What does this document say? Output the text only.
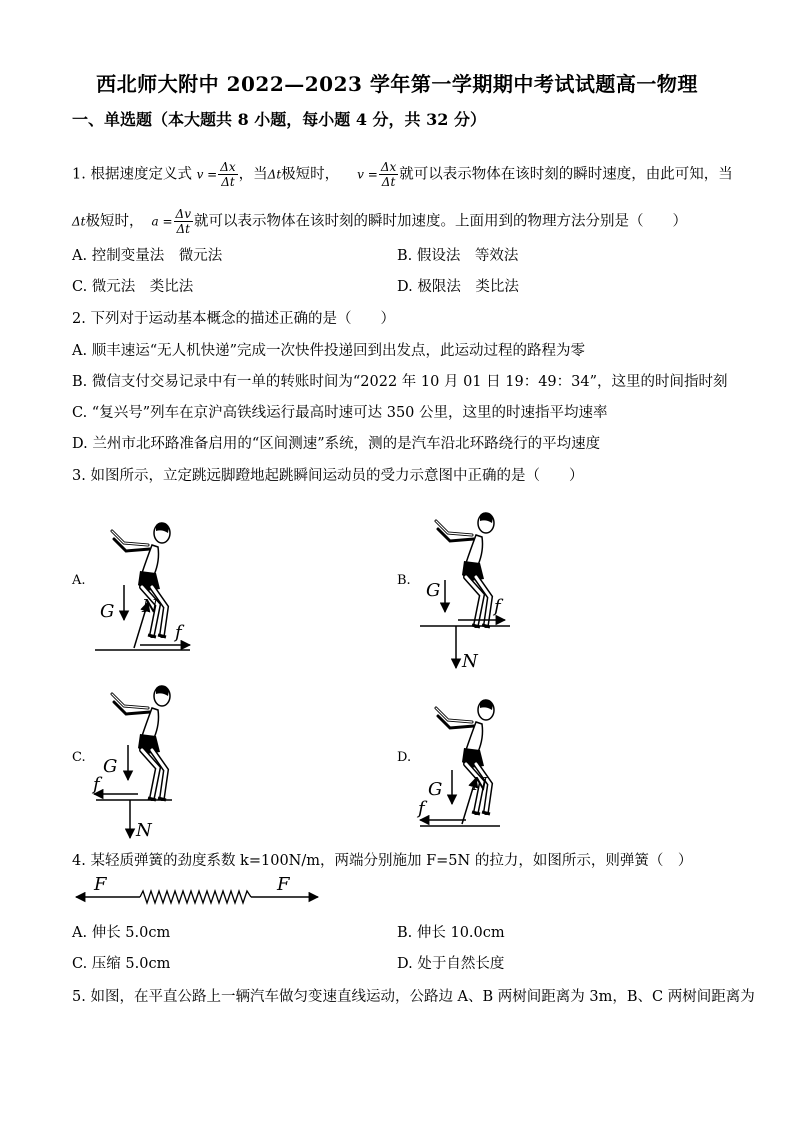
西北师大附中 2022—2023 学年第一学期期中考试试题高一物理
一、单选题（本大题共 8 小题，每小题 4 分，共 32 分）
1. 根据速度定义式 $v = \frac{\Delta x}{\Delta t}$ ，当Δt极短时， $v = \frac{\Delta x}{\Delta t}$ 就可以表示物体在该时刻的瞬时速度，由此可知，当
Δt极短时， $a = \frac{\Delta v}{\Delta t}$ 就可以表示物体在该时刻的瞬时加速度。上面用到的物理方法分别是（　　）
A. 控制变量法　微元法	B. 假设法　等效法
C. 微元法　类比法	D. 极限法　类比法
2. 下列对于运动基本概念的描述正确的是（　　）
A. 顺丰速运“无人机快递”完成一次快件投递回到出发点，此运动过程的路程为零
B. 微信支付交易记录中有一单的转账时间为“2022 年 10 月 01 日 19：49：34”，这里的时间指时刻
C. “复兴号”列车在京沪高铁线运行最高时速可达 350 公里，这里的时速指平均速率
D. 兰州市北环路准备启用的“区间测速”系统，测的是汽车沿北环路绕行的平均速度
3. 如图所示，立定跳远脚蹬地起跳瞬间运动员的受力示意图中正确的是（　　）
A.	B.
C.	D.
G N
f
G
N
f
G
N
f	G N
f
F	F
4. 某轻质弹簧的劲度系数 k=100N/m，两端分别施加 F=5N 的拉力，如图所示，则弹簧（　）
A. 伸长 5.0cm	B. 伸长 10.0cm
C. 压缩 5.0cm	D. 处于自然长度
5. 如图，在平直公路上一辆汽车做匀变速直线运动，公路边 A、B 两树间距离为 3m，B、C 两树间距离为
